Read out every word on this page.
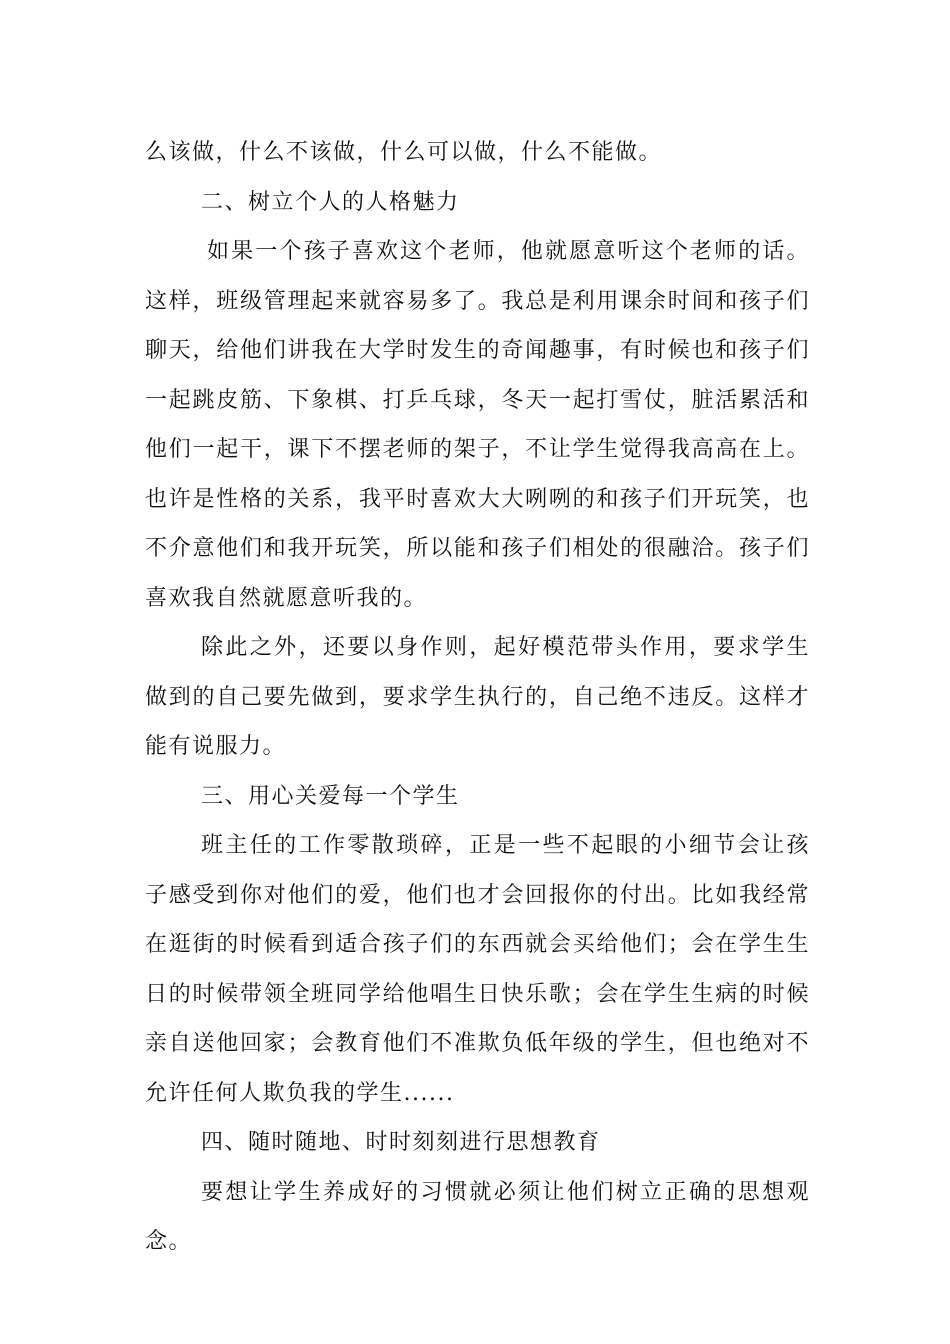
么该做，什么不该做，什么可以做，什么不能做。

二、树立个人的人格魅力

如果一个孩子喜欢这个老师，他就愿意听这个老师的话。这样，班级管理起来就容易多了。我总是利用课余时间和孩子们聊天，给他们讲我在大学时发生的奇闻趣事，有时候也和孩子们一起跳皮筋、下象棋、打乒乓球，冬天一起打雪仗，脏活累活和他们一起干，课下不摆老师的架子，不让学生觉得我高高在上。也许是性格的关系，我平时喜欢大大咧咧的和孩子们开玩笑，也不介意他们和我开玩笑，所以能和孩子们相处的很融洽。孩子们喜欢我自然就愿意听我的。

除此之外，还要以身作则，起好模范带头作用，要求学生做到的自己要先做到，要求学生执行的，自己绝不违反。这样才能有说服力。

三、用心关爱每一个学生

班主任的工作零散琐碎，正是一些不起眼的小细节会让孩子感受到你对他们的爱，他们也才会回报你的付出。比如我经常在逛街的时候看到适合孩子们的东西就会买给他们；会在学生生日的时候带领全班同学给他唱生日快乐歌；会在学生生病的时候亲自送他回家；会教育他们不准欺负低年级的学生，但也绝对不允许任何人欺负我的学生......

四、随时随地、时时刻刻进行思想教育

要想让学生养成好的习惯就必须让他们树立正确的思想观念。
